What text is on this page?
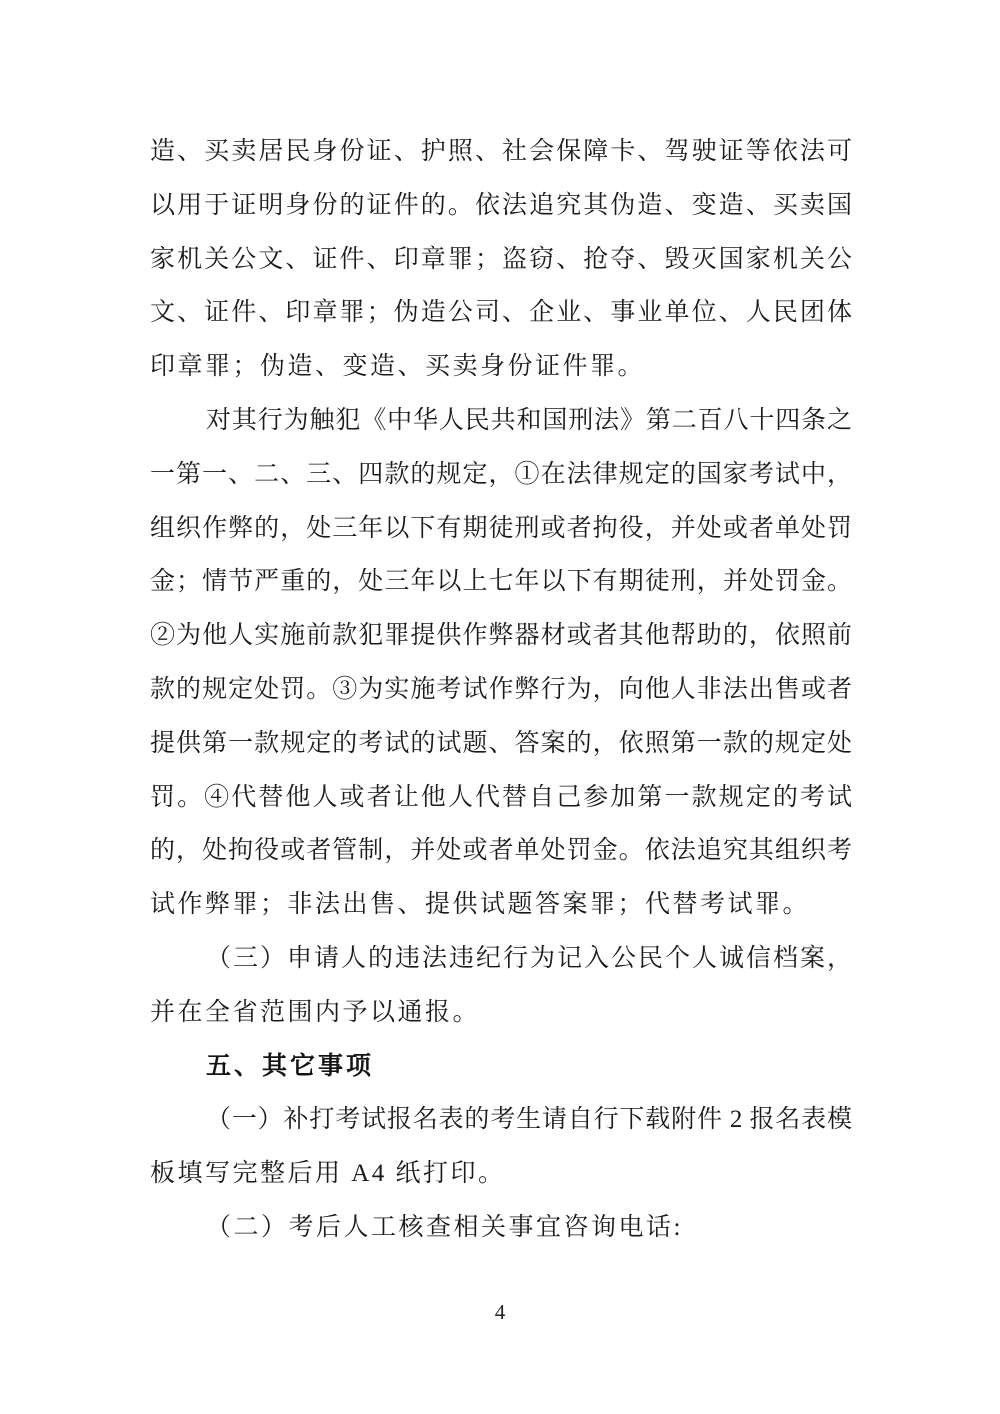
造、买卖居民身份证、护照、社会保障卡、驾驶证等依法可
以用于证明身份的证件的。依法追究其伪造、变造、买卖国
家机关公文、证件、印章罪；盗窃、抢夺、毁灭国家机关公
文、证件、印章罪；伪造公司、企业、事业单位、人民团体
印章罪；伪造、变造、买卖身份证件罪。
对其行为触犯《中华人民共和国刑法》第二百八十四条之
一第一、二、三、四款的规定，①在法律规定的国家考试中，
组织作弊的，处三年以下有期徒刑或者拘役，并处或者单处罚
金；情节严重的，处三年以上七年以下有期徒刑，并处罚金。
②为他人实施前款犯罪提供作弊器材或者其他帮助的，依照前
款的规定处罚。③为实施考试作弊行为，向他人非法出售或者
提供第一款规定的考试的试题、答案的，依照第一款的规定处
罚。④代替他人或者让他人代替自己参加第一款规定的考试
的，处拘役或者管制，并处或者单处罚金。依法追究其组织考
试作弊罪；非法出售、提供试题答案罪；代替考试罪。
（三）申请人的违法违纪行为记入公民个人诚信档案，
并在全省范围内予以通报。
五、其它事项
（一）补打考试报名表的考生请自行下载附件 2 报名表模
板填写完整后用 A4 纸打印。
（二）考后人工核查相关事宜咨询电话:
4
